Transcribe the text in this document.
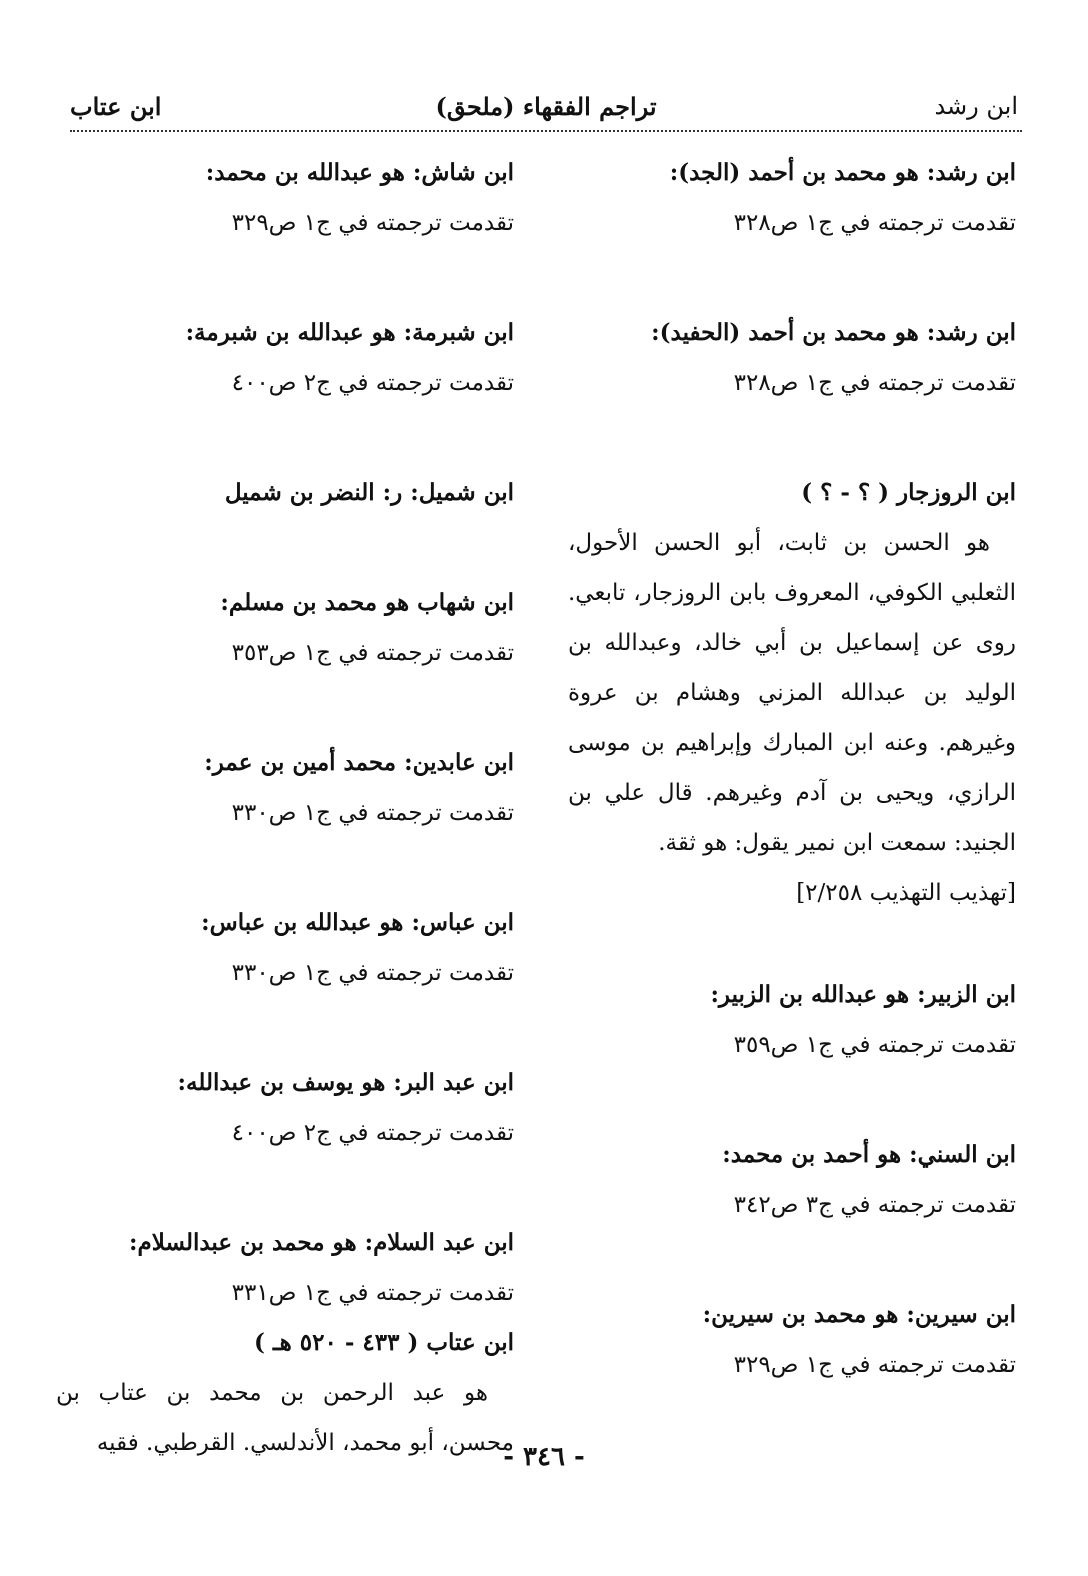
ابن رشد
(ملحق) تراجم الفقهاء
ابن عتاب
ابن رشد: هو محمد بن أحمد (الجد):
تقدمت ترجمته في ج١ ص٣٢٨
ابن رشد: هو محمد بن أحمد (الحفيد):
تقدمت ترجمته في ج١ ص٣٢٨
ابن الروزجار ( ؟ - ؟ )

هو الحسن بن ثابت، أبو الحسن الأحول، الثعلبي الكوفي، المعروف بابن الروزجار، تابعي. روى عن إسماعيل بن أبي خالد، وعبدالله بن الوليد بن عبدالله المزني وهشام بن عروة وغيرهم. وعنه ابن المبارك وإبراهيم بن موسى الرازي، ويحيى بن آدم وغيرهم. قال علي بن الجنيد: سمعت ابن نمير يقول: هو ثقة.

[تهذيب التهذيب ٢/٢٥٨]
ابن الزبير: هو عبدالله بن الزبير:
تقدمت ترجمته في ج١ ص٣٥٩
ابن السني: هو أحمد بن محمد:
تقدمت ترجمته في ج٣ ص٣٤٢
ابن سيرين: هو محمد بن سيرين:
تقدمت ترجمته في ج١ ص٣٢٩
ابن شاش: هو عبدالله بن محمد:
تقدمت ترجمته في ج١ ص٣٢٩
ابن شبرمة: هو عبدالله بن شبرمة:
تقدمت ترجمته في ج٢ ص٤٠٠
ابن شميل: ر: النضر بن شميل
ابن شهاب هو محمد بن مسلم:
تقدمت ترجمته في ج١ ص٣٥٣
ابن عابدين: محمد أمين بن عمر:
تقدمت ترجمته في ج١ ص٣٣٠
ابن عباس: هو عبدالله بن عباس:
تقدمت ترجمته في ج١ ص٣٣٠
ابن عبد البر: هو يوسف بن عبدالله:
تقدمت ترجمته في ج٢ ص٤٠٠
ابن عبد السلام: هو محمد بن عبدالسلام:
تقدمت ترجمته في ج١ ص٣٣١
ابن عتاب ( ٤٣٣ - ٥٢٠ هـ )

هو عبد الرحمن بن محمد بن عتاب بن محسن، أبو محمد، الأندلسي. القرطبي. فقيه

- ٣٤٦ -
